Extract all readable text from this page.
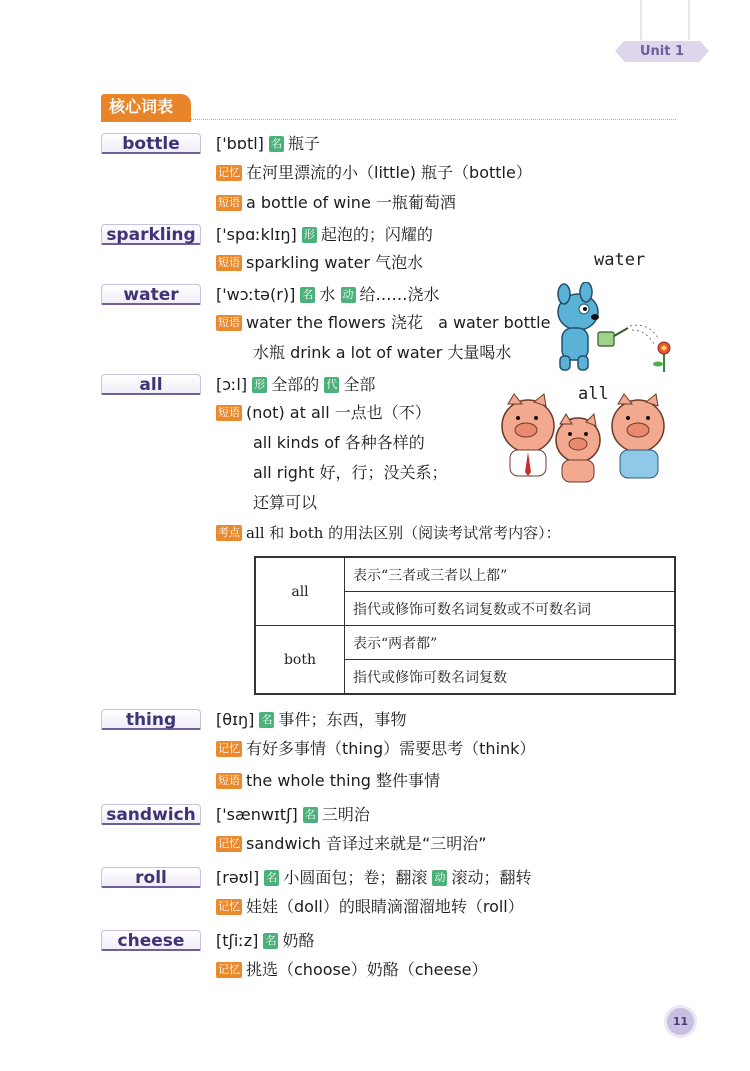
Unit 1
核心词表
bottle	['bɒtl] 名 瓶子
记忆 在河里漂流的小（little) 瓶子（bottle）
短语 a bottle of wine 一瓶葡萄酒
sparkling	['spɑːklɪŋ] 形 起泡的；闪耀的
短语 sparkling water 气泡水
water	['wɔːtə(r)] 名 水 动 给……浇水
短语 water the flowers 浇花   a water bottle
水瓶 drink a lot of water 大量喝水
all	[ɔːl] 形 全部的 代 全部
短语 (not) at all 一点也（不）
all kinds of 各种各样的
all right 好，行；没关系；
还算可以
考点 all 和 both 的用法区别（阅读考试常考内容）：
all	表示“三者或三者以上都”
	指代或修饰可数名词复数或不可数名词
both	表示“两者都”
	指代或修饰可数名词复数
thing	[θɪŋ] 名 事件；东西，事物
记忆 有好多事情（thing）需要思考（think）
短语 the whole thing 整件事情
sandwich	['sænwɪtʃ] 名 三明治
记忆 sandwich 音译过来就是“三明治”
roll	[rəʊl] 名 小圆面包；卷；翻滚 动 滚动；翻转
记忆 娃娃（doll）的眼睛滴溜溜地转（roll）
cheese	[tʃiːz] 名 奶酪
记忆 挑选（choose）奶酪（cheese）
water
all
11
